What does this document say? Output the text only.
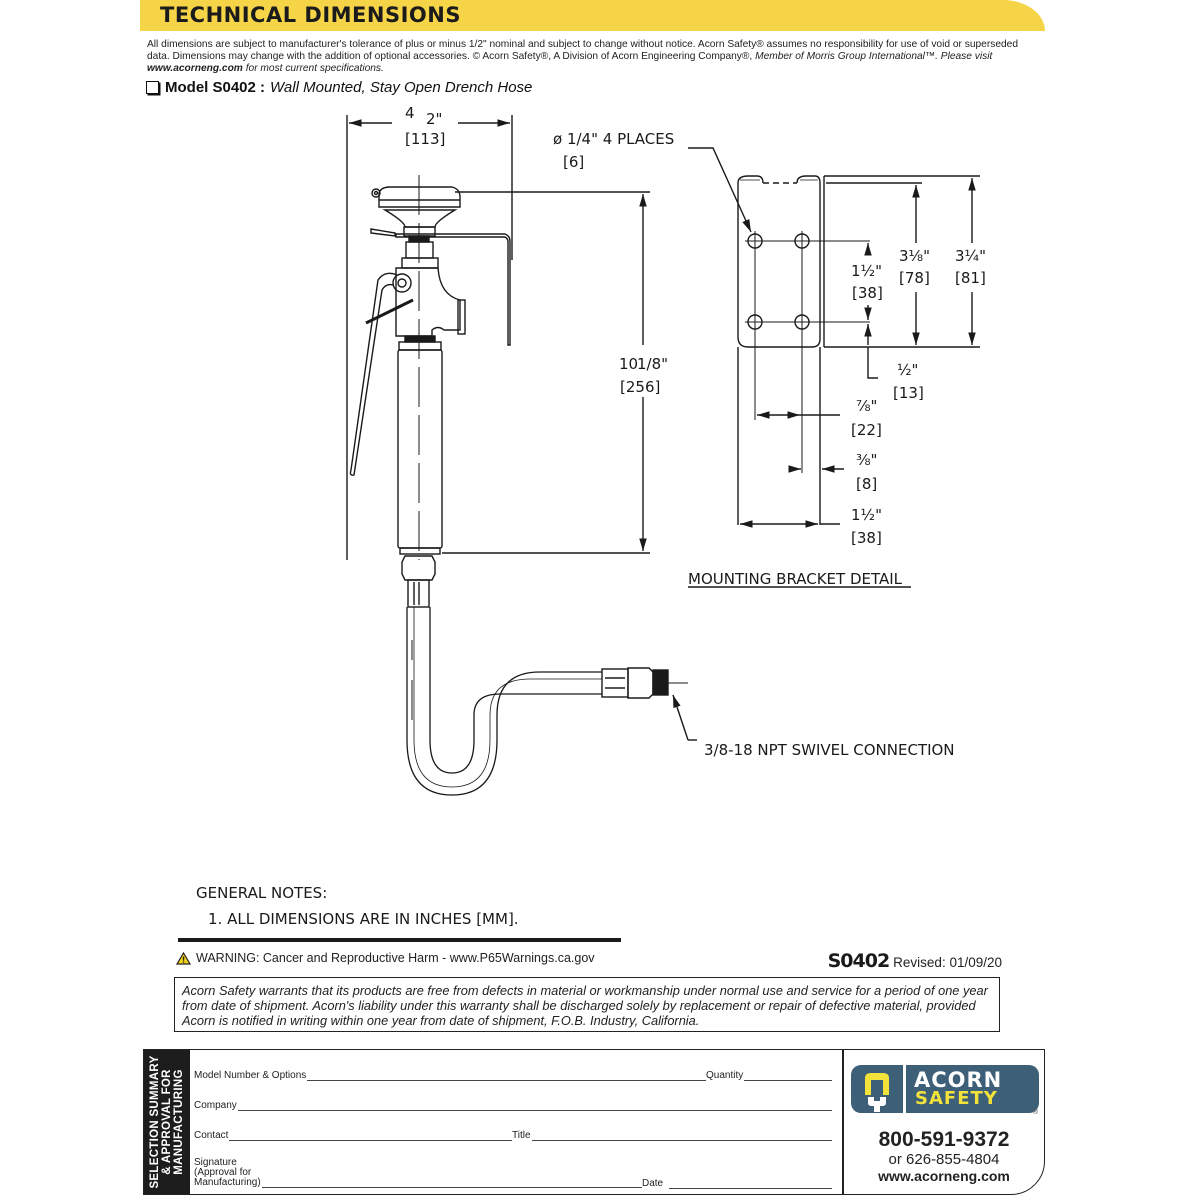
TECHNICAL DIMENSIONS
All dimensions are subject to manufacturer's tolerance of plus or minus 1/2" nominal and subject to change without notice. Acorn Safety® assumes no responsibility for use of void or superseded
data. Dimensions may change with the addition of optional accessories. © Acorn Safety®, A Division of Acorn Engineering Company®, Member of Morris Group International™. Please visit
www.acorneng.com for most current specifications.
Model S0402 : Wall Mounted, Stay Open Drench Hose
4 2"
[113]	ø 1/4" 4 PLACES
[6]
10
1/8"
[256]
3/8-18 NPT SWIVEL CONNECTION
1½"
[38]
3⅛"
[78]
3¼"
[81]
½"
[13]
⅞"
[22]
⅜"
[8]
1½"
[38]
MOUNTING BRACKET DETAIL
GENERAL NOTES:
1. ALL DIMENSIONS ARE IN INCHES [MM].
WARNING: Cancer and Reproductive Harm - www.P65Warnings.ca.gov	S0402 Revised: 01/09/20
Acorn Safety warrants that its products are free from defects in material or workmanship under normal use and service for a period of one year from date of shipment. Acorn's liability under this warranty shall be discharged solely by replacement or repair of defective material, provided Acorn is notified in writing within one year from date of shipment, F.O.B. Industry, California.
SELECTION SUMMARY & APPROVAL FOR MANUFACTURING Model Number & Options	Quantity
Company
Contact	Title
Signature
(Approval for
Manufacturing)	Date
ACORN
SAFETY
®
800-591-9372
or 626-855-4804
www.acorneng.com
